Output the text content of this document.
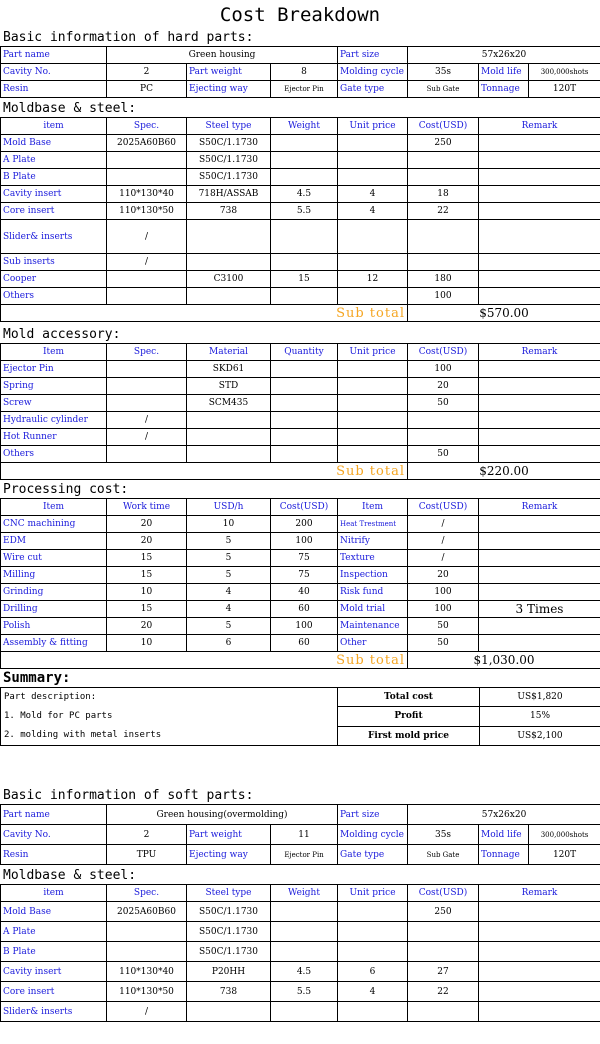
Cost Breakdown
Basic information of hard parts:
Part name	Green housing			Part size	57x26x20		
Cavity No.	2	Part weight	8	Molding cycle	35s	Mold life	300,000shots
Resin	PC	Ejecting way	Ejector Pin	Gate type	Sub Gate	Tonnage	120T
Moldbase & steel:
item	Spec.	Steel type	Weight	Unit price	Cost(USD)	Remark
Mold Base	2025A60B60	S50C/1.1730			250	
A Plate		S50C/1.1730				
B Plate		S50C/1.1730				
Cavity insert	110*130*40	718H/ASSAB	4.5	4	18	
Core insert	110*130*50	738	5.5	4	22	
Slider& inserts	/					
Sub inserts	/					
Cooper		C3100	15	12	180	
Others					100	
Sub total					$570.00	
Mold accessory:
Item	Spec.	Material	Quantity	Unit price	Cost(USD)	Remark
Ejector Pin		SKD61			100	
Spring		STD			20	
Screw		SCM435			50	
Hydraulic cylinder	/					
Hot Runner	/					
Others					50	
Sub total					$220.00	
Processing cost:
Item	Work time	USD/h	Cost(USD)	Item	Cost(USD)	Remark
CNC machining	20	10	200	Heat Trestment	/	
EDM	20	5	100	Nitrify	/	
Wire cut	15	5	75	Texture	/	
Milling	15	5	75	Inspection	20	
Grinding	10	4	40	Risk fund	100	
Drilling	15	4	60	Mold trial	100	3 Times
Polish	20	5	100	Maintenance	50	
Assembly & fitting	10	6	60	Other	50	
Sub total					$1,030.00	
Summary:
Part description:
1. Mold for PC parts
2. molding with metal inserts	Total cost	US$1,820
	Profit	15%
	First mold price	US$2,100
Basic information of soft parts:
Part name	Green housing(overmolding)			Part size	57x26x20		
Cavity No.	2	Part weight	11	Molding cycle	35s	Mold life	300,000shots
Resin	TPU	Ejecting way	Ejector Pin	Gate type	Sub Gate	Tonnage	120T
Moldbase & steel:
item	Spec.	Steel type	Weight	Unit price	Cost(USD)	Remark
Mold Base	2025A60B60	S50C/1.1730			250	
A Plate		S50C/1.1730				
B Plate		S50C/1.1730				
Cavity insert	110*130*40	P20HH	4.5	6	27	
Core insert	110*130*50	738	5.5	4	22	
Slider& inserts	/					
